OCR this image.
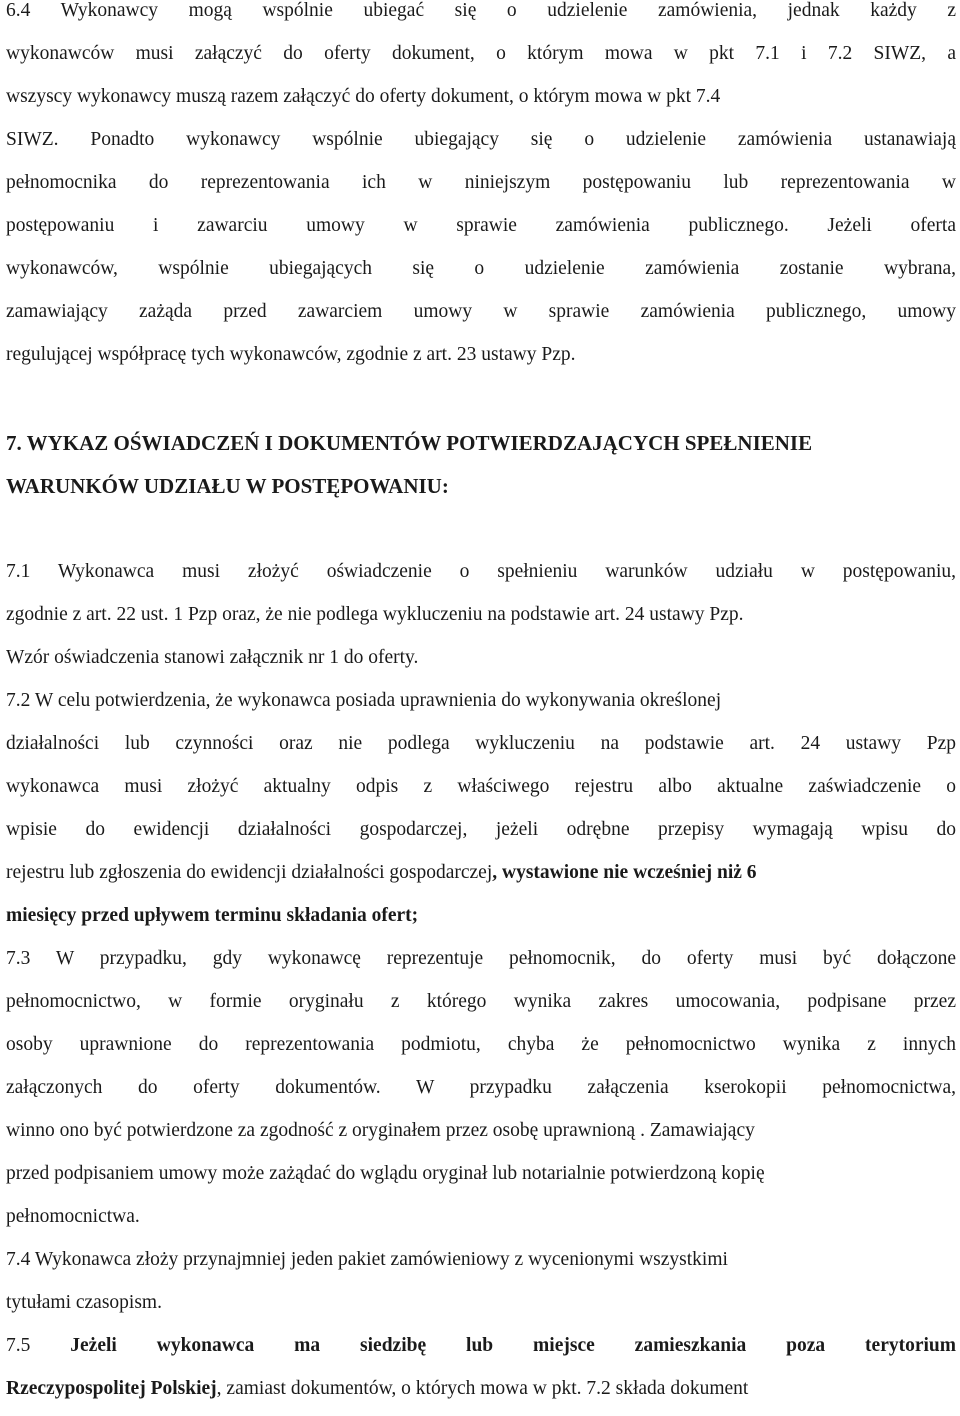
6.4 Wykonawcy mogą wspólnie ubiegać się o udzielenie zamówienia, jednak każdy z
wykonawców musi załączyć do oferty dokument, o którym mowa w pkt 7.1 i 7.2 SIWZ, a
wszyscy wykonawcy muszą razem załączyć do oferty dokument, o którym mowa w pkt 7.4
SIWZ. Ponadto wykonawcy wspólnie ubiegający się o udzielenie zamówienia ustanawiają
pełnomocnika do reprezentowania ich w niniejszym postępowaniu lub reprezentowania w
postępowaniu i zawarciu umowy w sprawie zamówienia publicznego. Jeżeli oferta
wykonawców, wspólnie ubiegających się o udzielenie zamówienia zostanie wybrana,
zamawiający zażąda przed zawarciem umowy w sprawie zamówienia publicznego, umowy
regulującej współpracę tych wykonawców, zgodnie z art. 23 ustawy Pzp.
7. WYKAZ OŚWIADCZEŃ I DOKUMENTÓW POTWIERDZAJĄCYCH SPEŁNIENIE
WARUNKÓW UDZIAŁU W POSTĘPOWANIU:
7.1 Wykonawca musi złożyć oświadczenie o spełnieniu warunków udziału w postępowaniu,
zgodnie z art. 22 ust. 1 Pzp oraz, że nie podlega wykluczeniu na podstawie art. 24 ustawy Pzp.
Wzór oświadczenia stanowi załącznik nr 1 do oferty.
7.2 W celu potwierdzenia, że wykonawca posiada uprawnienia do wykonywania określonej
działalności lub czynności oraz nie podlega wykluczeniu na podstawie art. 24 ustawy Pzp
wykonawca musi złożyć aktualny odpis z właściwego rejestru albo aktualne zaświadczenie o
wpisie do ewidencji działalności gospodarczej, jeżeli odrębne przepisy wymagają wpisu do
rejestru lub zgłoszenia do ewidencji działalności gospodarczej, wystawione nie wcześniej niż 6
miesięcy przed upływem terminu składania ofert;
7.3 W przypadku, gdy wykonawcę reprezentuje pełnomocnik, do oferty musi być dołączone
pełnomocnictwo, w formie oryginału z którego wynika zakres umocowania, podpisane przez
osoby uprawnione do reprezentowania podmiotu, chyba że pełnomocnictwo wynika z innych
załączonych do oferty dokumentów. W przypadku załączenia kserokopii pełnomocnictwa,
winno ono być potwierdzone za zgodność z oryginałem przez osobę uprawnioną . Zamawiający
przed podpisaniem umowy może zażądać do wglądu oryginał lub notarialnie potwierdzoną kopię
pełnomocnictwa.
7.4 Wykonawca złoży przynajmniej jeden pakiet zamówieniowy z wycenionymi wszystkimi
tytułami czasopism.
7.5 Jeżeli wykonawca ma siedzibę lub miejsce zamieszkania poza terytorium
Rzeczypospolitej Polskiej, zamiast dokumentów, o których mowa w pkt. 7.2 składa dokument
